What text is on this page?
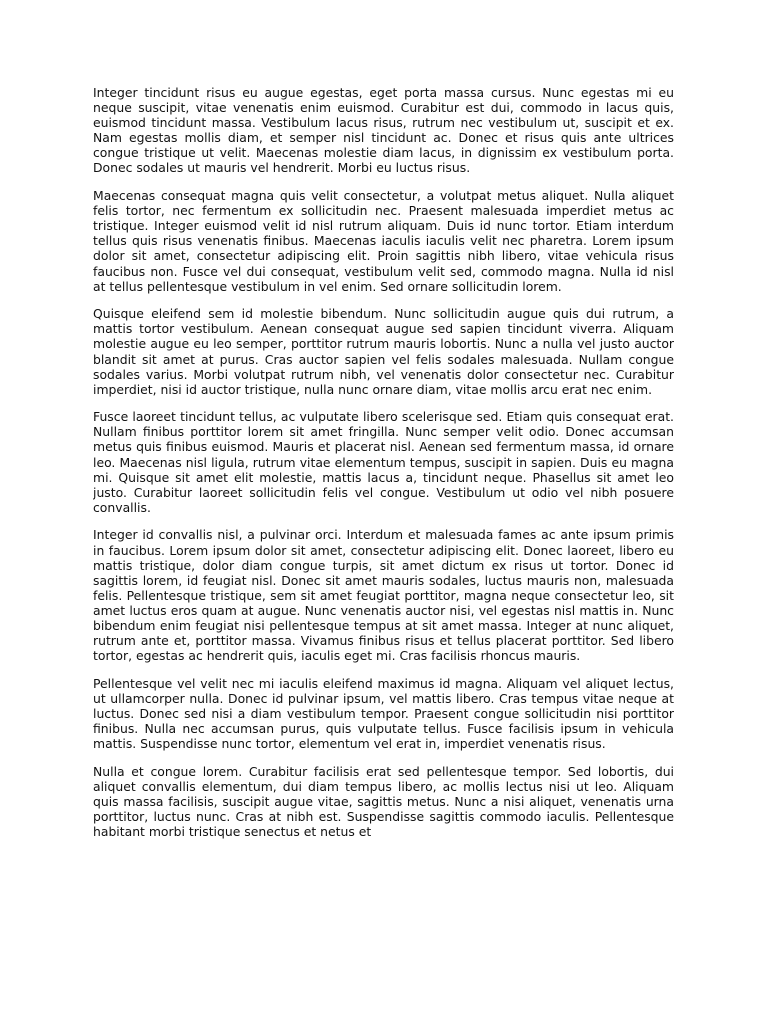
Integer tincidunt risus eu augue egestas, eget porta massa cursus. Nunc egestas mi eu neque suscipit, vitae venenatis enim euismod. Curabitur est dui, commodo in lacus quis, euismod tincidunt massa. Vestibulum lacus risus, rutrum nec vestibulum ut, suscipit et ex. Nam egestas mollis diam, et semper nisl tincidunt ac. Donec et risus quis ante ultrices congue tristique ut velit. Maecenas molestie diam lacus, in dignissim ex vestibulum porta. Donec sodales ut mauris vel hendrerit. Morbi eu luctus risus.

Maecenas consequat magna quis velit consectetur, a volutpat metus aliquet. Nulla aliquet felis tortor, nec fermentum ex sollicitudin nec. Praesent malesuada imperdiet metus ac tristique. Integer euismod velit id nisl rutrum aliquam. Duis id nunc tortor. Etiam interdum tellus quis risus venenatis finibus. Maecenas iaculis iaculis velit nec pharetra. Lorem ipsum dolor sit amet, consectetur adipiscing elit. Proin sagittis nibh libero, vitae vehicula risus faucibus non. Fusce vel dui consequat, vestibulum velit sed, commodo magna. Nulla id nisl at tellus pellentesque vestibulum in vel enim. Sed ornare sollicitudin lorem.

Quisque eleifend sem id molestie bibendum. Nunc sollicitudin augue quis dui rutrum, a mattis tortor vestibulum. Aenean consequat augue sed sapien tincidunt viverra. Aliquam molestie augue eu leo semper, porttitor rutrum mauris lobortis. Nunc a nulla vel justo auctor blandit sit amet at purus. Cras auctor sapien vel felis sodales malesuada. Nullam congue sodales varius. Morbi volutpat rutrum nibh, vel venenatis dolor consectetur nec. Curabitur imperdiet, nisi id auctor tristique, nulla nunc ornare diam, vitae mollis arcu erat nec enim.

Fusce laoreet tincidunt tellus, ac vulputate libero scelerisque sed. Etiam quis consequat erat. Nullam finibus porttitor lorem sit amet fringilla. Nunc semper velit odio. Donec accumsan metus quis finibus euismod. Mauris et placerat nisl. Aenean sed fermentum massa, id ornare leo. Maecenas nisl ligula, rutrum vitae elementum tempus, suscipit in sapien. Duis eu magna mi. Quisque sit amet elit molestie, mattis lacus a, tincidunt neque. Phasellus sit amet leo justo. Curabitur laoreet sollicitudin felis vel congue. Vestibulum ut odio vel nibh posuere convallis.

Integer id convallis nisl, a pulvinar orci. Interdum et malesuada fames ac ante ipsum primis in faucibus. Lorem ipsum dolor sit amet, consectetur adipiscing elit. Donec laoreet, libero eu mattis tristique, dolor diam congue turpis, sit amet dictum ex risus ut tortor. Donec id sagittis lorem, id feugiat nisl. Donec sit amet mauris sodales, luctus mauris non, malesuada felis. Pellentesque tristique, sem sit amet feugiat porttitor, magna neque consectetur leo, sit amet luctus eros quam at augue. Nunc venenatis auctor nisi, vel egestas nisl mattis in. Nunc bibendum enim feugiat nisi pellentesque tempus at sit amet massa. Integer at nunc aliquet, rutrum ante et, porttitor massa. Vivamus finibus risus et tellus placerat porttitor. Sed libero tortor, egestas ac hendrerit quis, iaculis eget mi. Cras facilisis rhoncus mauris.

Pellentesque vel velit nec mi iaculis eleifend maximus id magna. Aliquam vel aliquet lectus, ut ullamcorper nulla. Donec id pulvinar ipsum, vel mattis libero. Cras tempus vitae neque at luctus. Donec sed nisi a diam vestibulum tempor. Praesent congue sollicitudin nisi porttitor finibus. Nulla nec accumsan purus, quis vulputate tellus. Fusce facilisis ipsum in vehicula mattis. Suspendisse nunc tortor, elementum vel erat in, imperdiet venenatis risus.

Nulla et congue lorem. Curabitur facilisis erat sed pellentesque tempor. Sed lobortis, dui aliquet convallis elementum, dui diam tempus libero, ac mollis lectus nisi ut leo. Aliquam quis massa facilisis, suscipit augue vitae, sagittis metus. Nunc a nisi aliquet, venenatis urna porttitor, luctus nunc. Cras at nibh est. Suspendisse sagittis commodo iaculis. Pellentesque habitant morbi tristique senectus et netus et
